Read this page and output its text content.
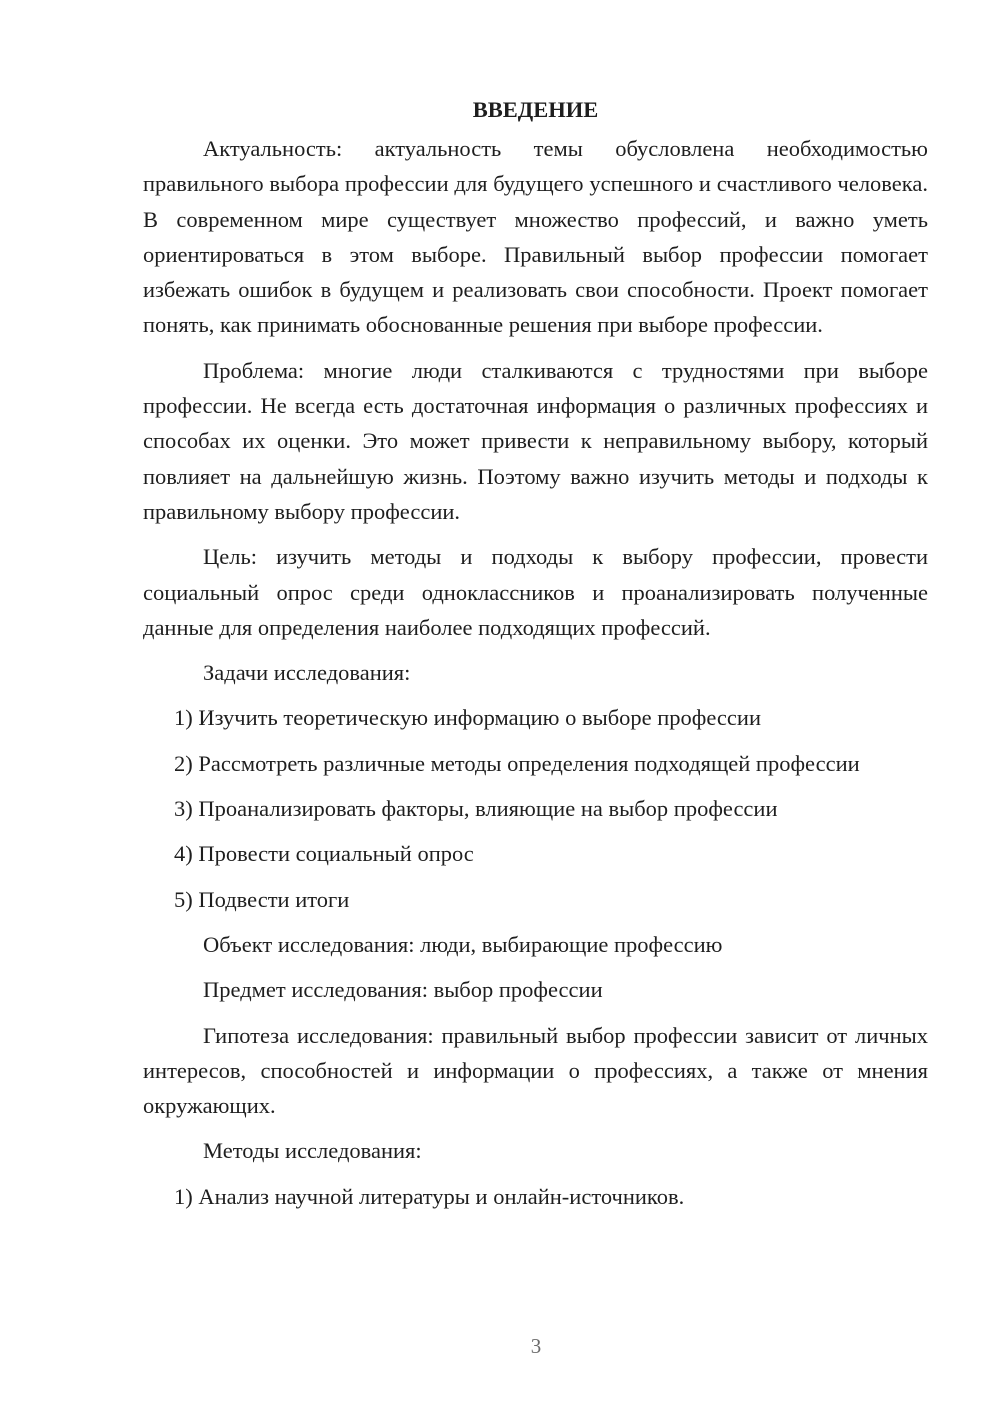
ВВЕДЕНИЕ

Актуальность: актуальность темы обусловлена необходимостью правильного выбора профессии для будущего успешного и счастливого человека. В современном мире существует множество профессий, и важно уметь ориентироваться в этом выборе. Правильный выбор профессии помогает избежать ошибок в будущем и реализовать свои способности. Проект помогает понять, как принимать обоснованные решения при выборе профессии.

Проблема: многие люди сталкиваются с трудностями при выборе профессии. Не всегда есть достаточная информация о различных профессиях и способах их оценки. Это может привести к неправильному выбору, который повлияет на дальнейшую жизнь. Поэтому важно изучить методы и подходы к правильному выбору профессии.

Цель: изучить методы и подходы к выбору профессии, провести социальный опрос среди одноклассников и проанализировать полученные данные для определения наиболее подходящих профессий.

Задачи исследования:
1) Изучить теоретическую информацию о выборе профессии
2) Рассмотреть различные методы определения подходящей профессии
3) Проанализировать факторы, влияющие на выбор профессии
4) Провести социальный опрос
5) Подвести итоги
Объект исследования: люди, выбирающие профессию
Предмет исследования: выбор профессии

Гипотеза исследования: правильный выбор профессии зависит от личных интересов, способностей и информации о профессиях, а также от мнения окружающих.

Методы исследования:
1) Анализ научной литературы и онлайн-источников.
3
